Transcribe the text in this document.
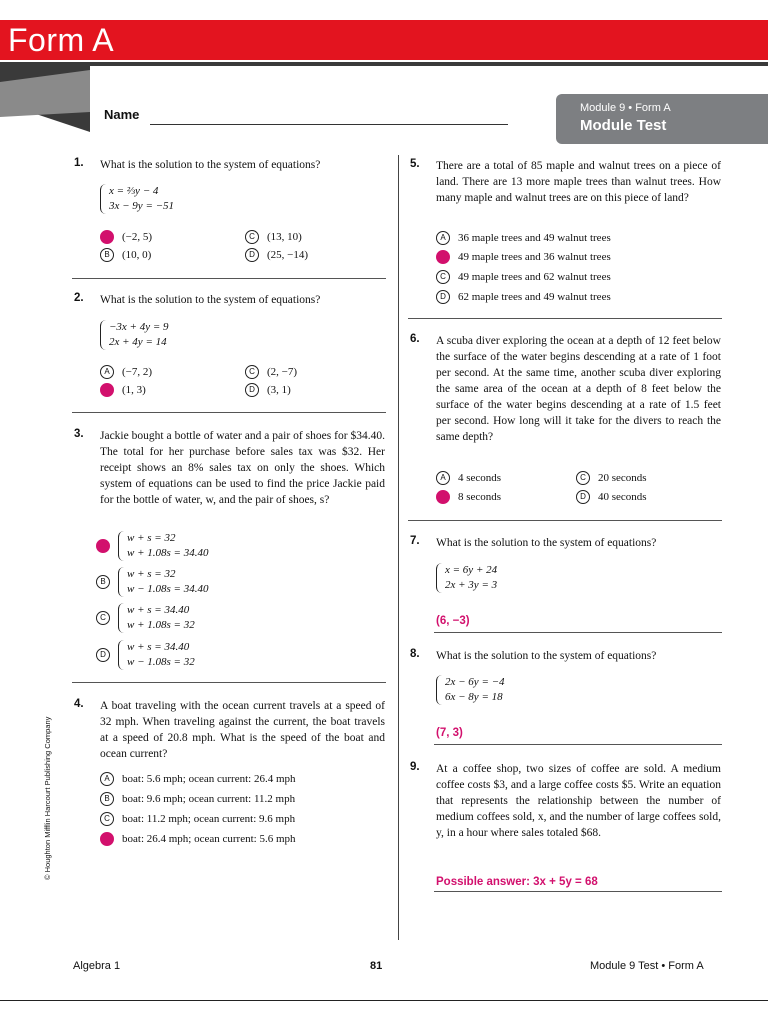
Form A
Name	Module 9 • Form A
Module Test
1. What is the solution to the system of equations?
x = ⅔y − 4
3x − 9y = −51
A (−2, 5)	C (13, 10)
B (10, 0)	D (25, −14)
2. What is the solution to the system of equations?
−3x + 4y = 9
2x + 4y = 14
A (−7, 2)	C (2, −7)
B (1, 3)	D (3, 1)
3. Jackie bought a bottle of water and a pair of shoes for $34.40. The total for her purchase before sales tax was $32. Her receipt shows an 8% sales tax on only the shoes. Which system of equations can be used to find the price Jackie paid for the bottle of water, w, and the pair of shoes, s?
A
w + s = 32
w + 1.08s = 34.40
B
w + s = 32
w − 1.08s = 34.40
C
w + s = 34.40
w + 1.08s = 32
D
w + s = 34.40
w − 1.08s = 32
4. A boat traveling with the ocean current travels at a speed of 32 mph. When traveling against the current, the boat travels at a speed of 20.8 mph. What is the speed of the boat and ocean current?
A boat: 5.6 mph; ocean current: 26.4 mph
B boat: 9.6 mph; ocean current: 11.2 mph
C boat: 11.2 mph; ocean current: 9.6 mph
D boat: 26.4 mph; ocean current: 5.6 mph
5. There are a total of 85 maple and walnut trees on a piece of land. There are 13 more maple trees than walnut trees. How many maple and walnut trees are on this piece of land?
A 36 maple trees and 49 walnut trees
B 49 maple trees and 36 walnut trees
C 49 maple trees and 62 walnut trees
D 62 maple trees and 49 walnut trees
6. A scuba diver exploring the ocean at a depth of 12 feet below the surface of the water begins descending at a rate of 1 foot per second. At the same time, another scuba diver exploring the same area of the ocean at a depth of 8 feet below the surface of the water begins descending at a rate of 1.5 feet per second. How long will it take for the divers to reach the same depth?
A 4 seconds	C 20 seconds
B 8 seconds	D 40 seconds
7. What is the solution to the system of equations?
x = 6y + 24
2x + 3y = 3
(6, −3)
8. What is the solution to the system of equations?
2x − 6y = −4
6x − 8y = 18
(7, 3)
9. At a coffee shop, two sizes of coffee are sold. A medium coffee costs $3, and a large coffee costs $5. Write an equation that represents the relationship between the number of medium coffees sold, x, and the number of large coffees sold, y, in a hour where sales totaled $68.
Possible answer: 3x + 5y = 68
© Houghton Mifflin Harcourt Publishing Company
Algebra 1	81	Module 9 Test • Form A
